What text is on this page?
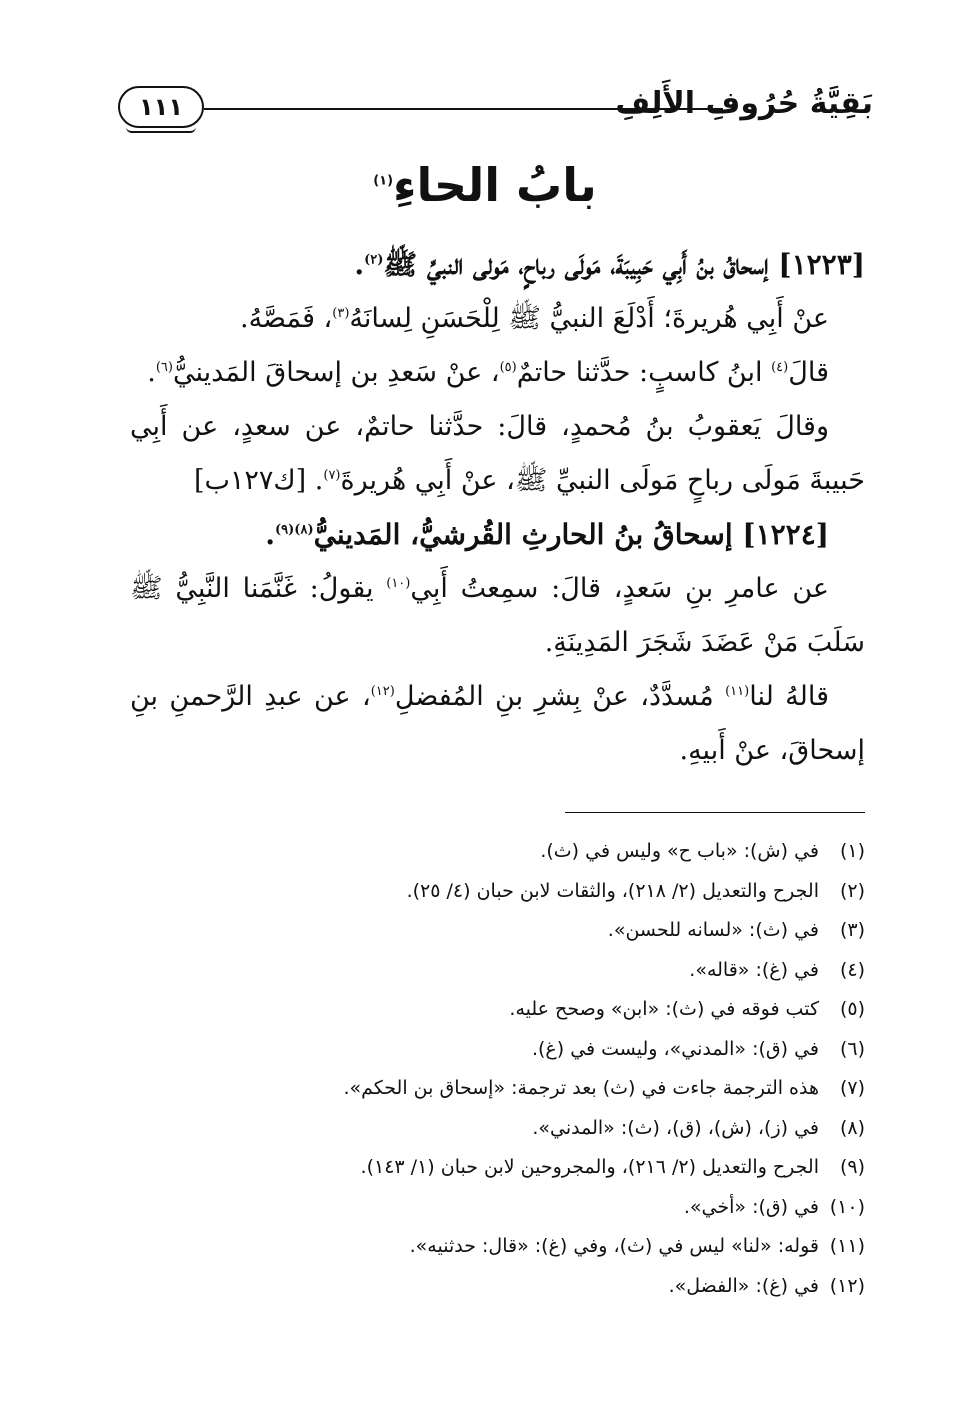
بَقِيَّةُ حُرُوفِ الأَلِفِ
١١١
بابُ الحاءِ$^{(١)}$

[١٢٢٣] إسحاقُ بنُ أَبِي حَبِيبَةَ، مَولَى رباحٍ، مَولى النبيِّ ﷺ$^{(٢)}$.

عنْ أَبِي هُريرةَ؛ أَدْلَعَ النبيُّ ﷺ لِلْحَسَنِ لِسانَهُ$^{(٣)}$، فَمَصَّهُ.

قالَ$^{(٤)}$ ابنُ كاسبٍ: حدَّثنا حاتمٌ$^{(٥)}$، عنْ سَعدِ بن إسحاقَ المَدينيُّ$^{(٦)}$.

وقالَ يَعقوبُ بنُ مُحمدٍ، قالَ: حدَّثنا حاتمٌ، عن سعدٍ، عن أَبِي حَبيبةَ مَولَى رباحٍ مَولَى النبيِّ ﷺ، عنْ أَبِي هُريرةَ$^{(٧)}$. [ك١٢٧ب]

[١٢٢٤] إسحاقُ بنُ الحارثِ القُرشيُّ، المَدينيُّ$^{(٨)(٩)}$.

عن عامرِ بنِ سَعدٍ، قالَ: سمِعتُ أَبِي$^{(١٠)}$ يقولُ: غَنَّمَنا النَّبِيُّ ﷺ سَلَبَ مَنْ عَضَدَ شَجَرَ المَدِينَةِ.

قالهُ لنا$^{(١١)}$ مُسدَّدٌ، عنْ بِشرِ بنِ المُفضلِ$^{(١٢)}$، عن عبدِ الرَّحمنِ بنِ إسحاقَ، عنْ أَبيهِ.

(١)في (ش): «باب ح» وليس في (ث).
(٢)الجرح والتعديل (٢/ ٢١٨)، والثقات لابن حبان (٤/ ٢٥).
(٣)في (ث): «لسانه للحسن».
(٤)في (غ): «قاله».
(٥)كتب فوقه في (ث): «ابن» وصحح عليه.
(٦)في (ق): «المدني»، وليست في (غ).
(٧)هذه الترجمة جاءت في (ث) بعد ترجمة: «إسحاق بن الحكم».
(٨)في (ز)، (ش)، (ق)، (ث): «المدني».
(٩)الجرح والتعديل (٢/ ٢١٦)، والمجروحين لابن حبان (١/ ١٤٣).
(١٠)في (ق): «أخي».
(١١)قوله: «لنا» ليس في (ث)، وفي (غ): «قال: حدثنيه».
(١٢)في (غ): «الفضل».
